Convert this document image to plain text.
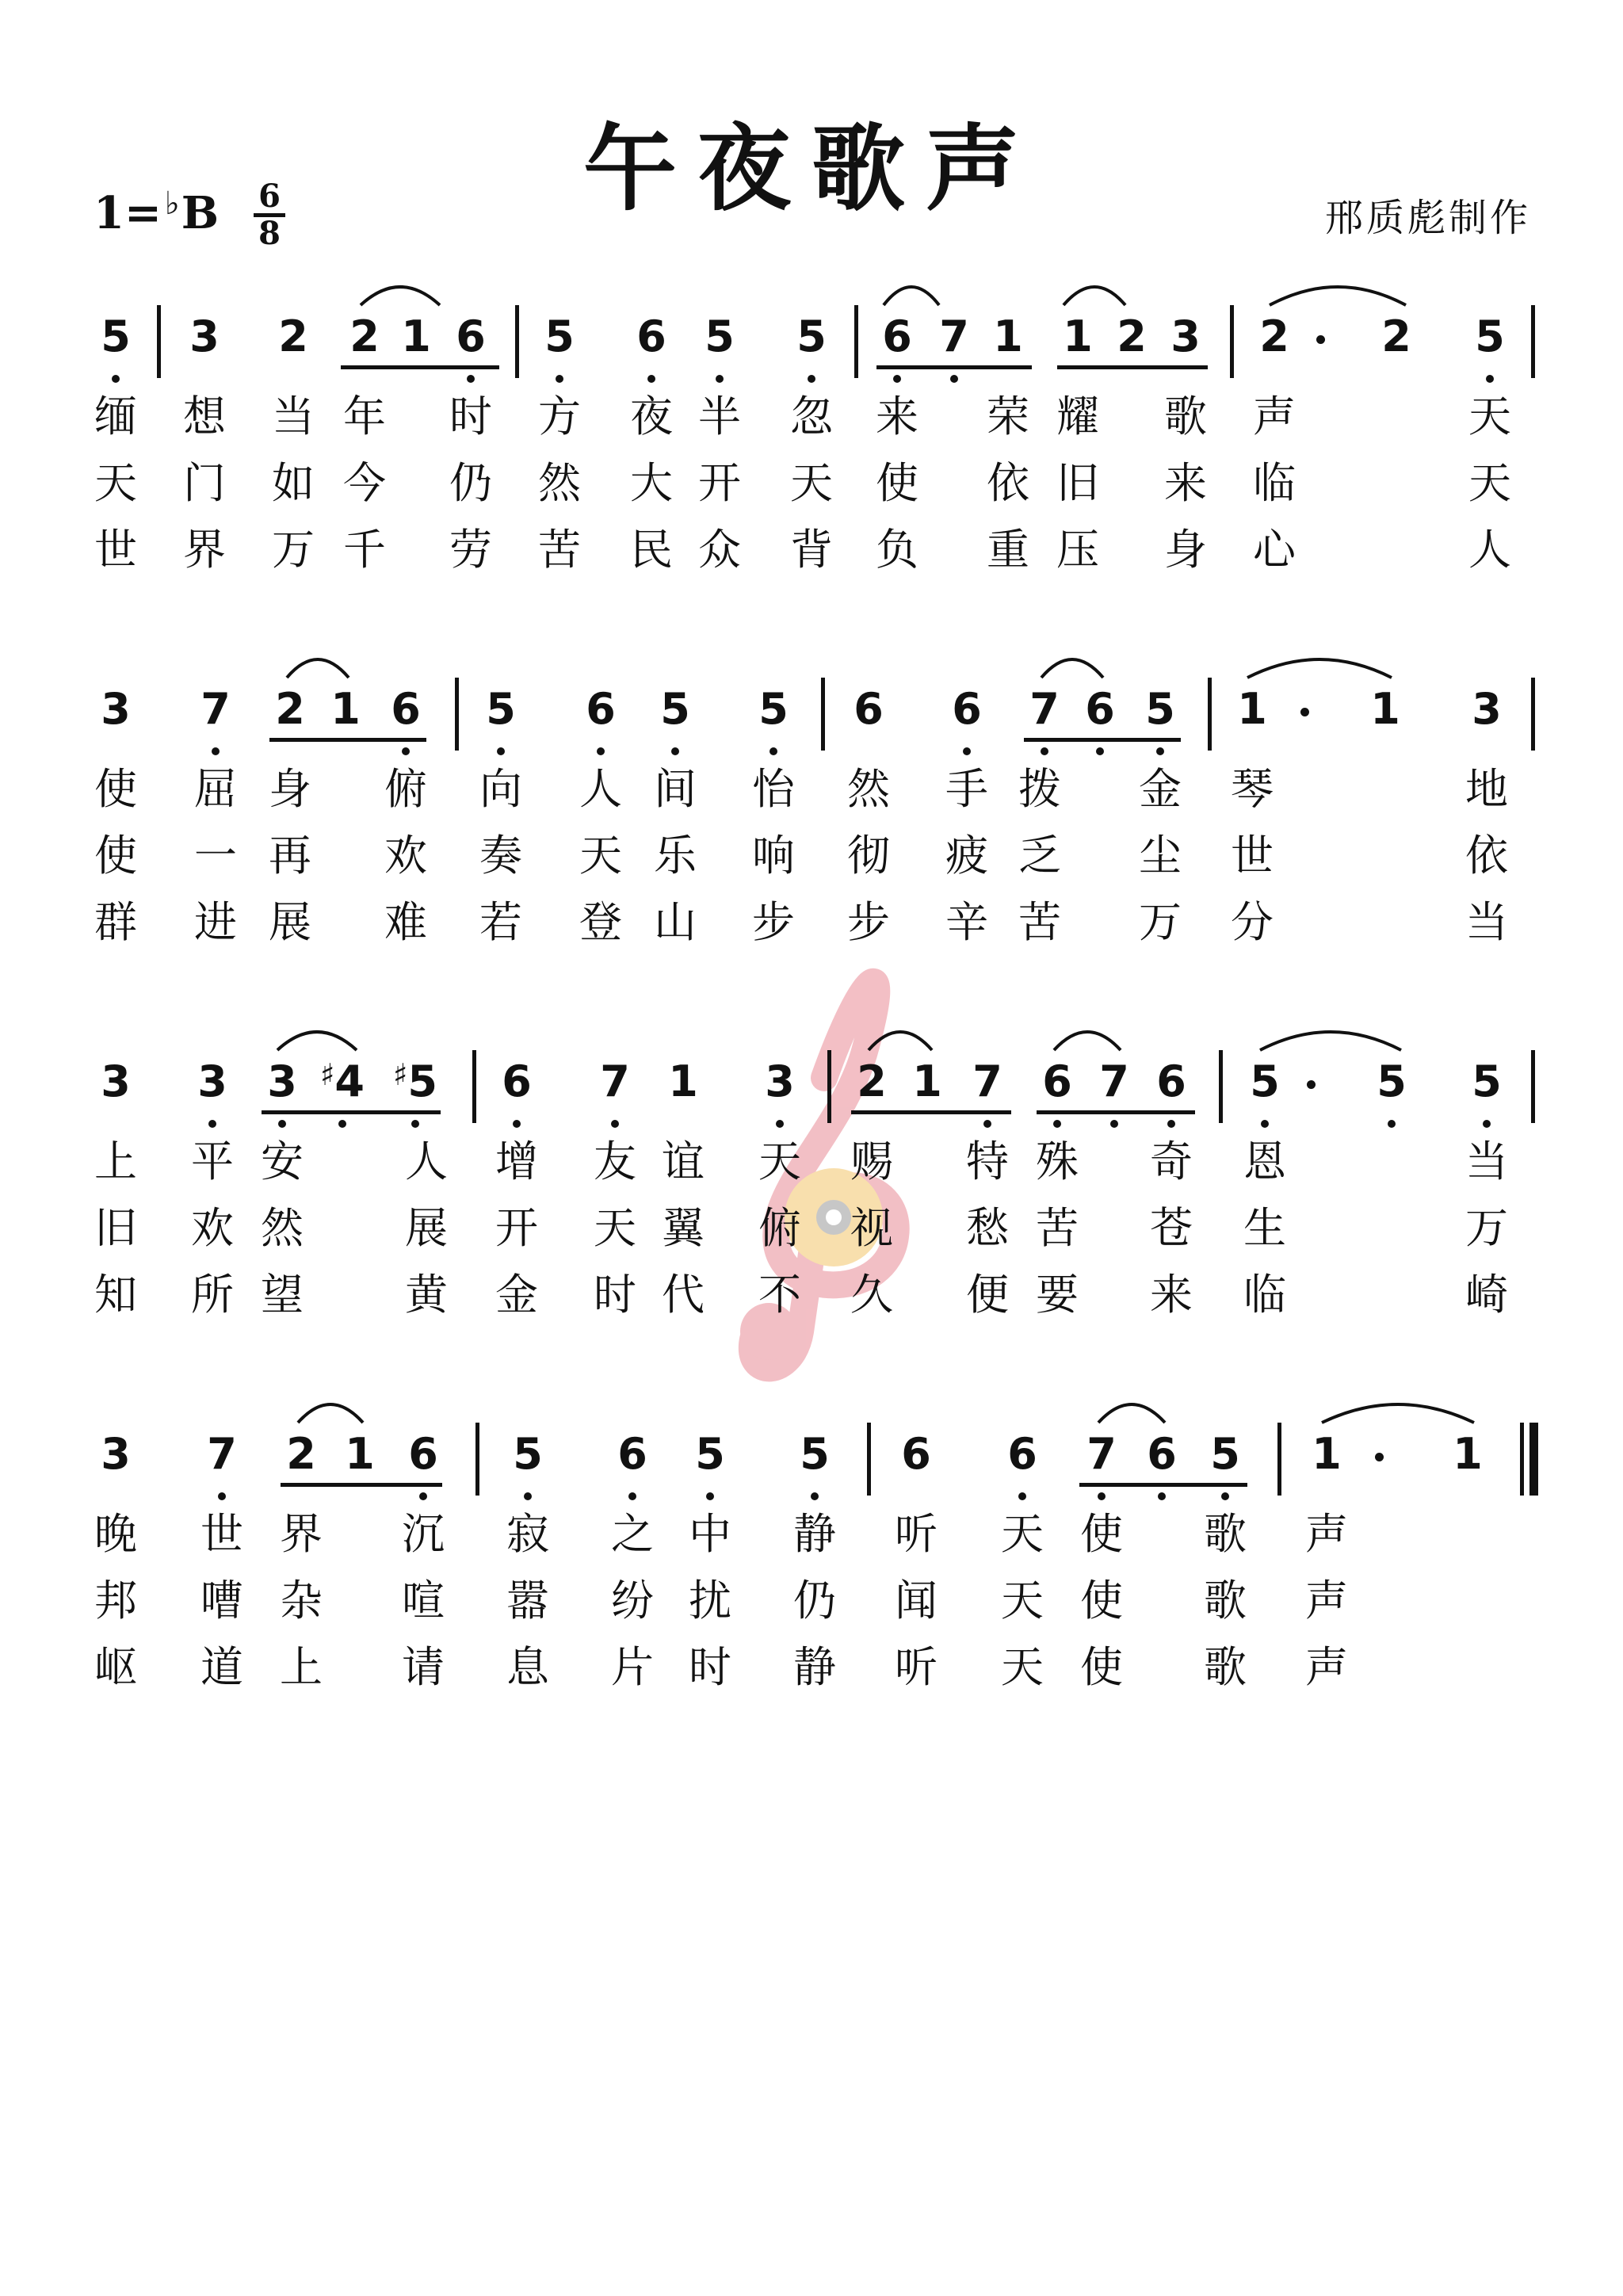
午夜歌声
1= ♭B 6
8	邢质彪制作
5 3 2 2 1 6 5 6 5 5 6 7 1 1 2 3 2 2 5
缅 想 当 年 时 方 夜 半 忽 来 荣 耀 歌 声	天
天 门 如 今 仍 然 大 开 天 使 依 旧 来 临	天
世 界 万 千 劳 苦 民 众 背 负 重 压 身 心	人
3 7 2 1 6 5 6 5 5 6 6 7 6 5 1 1 3
使 屈 身 俯 向 人 间 怡 然 手 拨 金 琴	地
使 一 再 欢 奏 天 乐 响 彻 疲 乏 尘 世	依
群 进 展 难 若 登 山 步 步 辛 苦 万 分	当
3 3 3 ♯4 ♯5 6 7 1 3 2 1 7 6 7 6 5 5 5
上 平 安 人 增 友 谊 天 赐 特 殊 奇 恩	当
旧 欢 然 展 开 天 翼 俯 视 愁 苦 苍 生	万
知 所 望 黄 金 时 代 不 久 便 要 来 临	崎
3 7 2 1 6 5 6 5 5 6 6 7 6 5 1	1
晚 世 界 沉 寂 之 中 静 听 天 使 歌 声
邦 嘈 杂 喧 嚣 纷 扰 仍 闻 天 使 歌 声
岖 道 上 请 息 片 时 静 听 天 使 歌 声
